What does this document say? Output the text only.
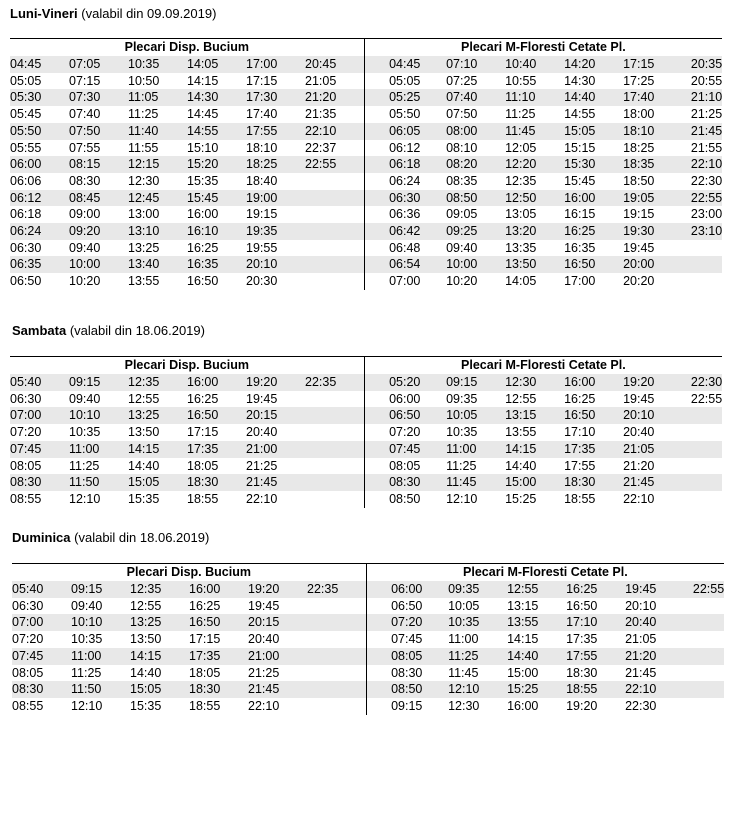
Luni-Vineri (valabil din 09.09.2019)
Plecari Disp. Bucium						Plecari M-Floresti Cetate Pl.						
04:45	07:05	10:35	14:05	17:00	20:45		04:45	07:10	10:40	14:20	17:15	20:35
05:05	07:15	10:50	14:15	17:15	21:05		05:05	07:25	10:55	14:30	17:25	20:55
05:30	07:30	11:05	14:30	17:30	21:20		05:25	07:40	11:10	14:40	17:40	21:10
05:45	07:40	11:25	14:45	17:40	21:35		05:50	07:50	11:25	14:55	18:00	21:25
05:50	07:50	11:40	14:55	17:55	22:10		06:05	08:00	11:45	15:05	18:10	21:45
05:55	07:55	11:55	15:10	18:10	22:37		06:12	08:10	12:05	15:15	18:25	21:55
06:00	08:15	12:15	15:20	18:25	22:55		06:18	08:20	12:20	15:30	18:35	22:10
06:06	08:30	12:30	15:35	18:40			06:24	08:35	12:35	15:45	18:50	22:30
06:12	08:45	12:45	15:45	19:00			06:30	08:50	12:50	16:00	19:05	22:55
06:18	09:00	13:00	16:00	19:15			06:36	09:05	13:05	16:15	19:15	23:00
06:24	09:20	13:10	16:10	19:35			06:42	09:25	13:20	16:25	19:30	23:10
06:30	09:40	13:25	16:25	19:55			06:48	09:40	13:35	16:35	19:45	
06:35	10:00	13:40	16:35	20:10			06:54	10:00	13:50	16:50	20:00	
06:50	10:20	13:55	16:50	20:30			07:00	10:20	14:05	17:00	20:20	
Sambata (valabil din 18.06.2019)
Plecari Disp. Bucium						Plecari M-Floresti Cetate Pl.						
05:40	09:15	12:35	16:00	19:20	22:35		05:20	09:15	12:30	16:00	19:20	22:30
06:30	09:40	12:55	16:25	19:45			06:00	09:35	12:55	16:25	19:45	22:55
07:00	10:10	13:25	16:50	20:15			06:50	10:05	13:15	16:50	20:10	
07:20	10:35	13:50	17:15	20:40			07:20	10:35	13:55	17:10	20:40	
07:45	11:00	14:15	17:35	21:00			07:45	11:00	14:15	17:35	21:05	
08:05	11:25	14:40	18:05	21:25			08:05	11:25	14:40	17:55	21:20	
08:30	11:50	15:05	18:30	21:45			08:30	11:45	15:00	18:30	21:45	
08:55	12:10	15:35	18:55	22:10			08:50	12:10	15:25	18:55	22:10	
Duminica (valabil din 18.06.2019)
Plecari Disp. Bucium						Plecari M-Floresti Cetate Pl.						
05:40	09:15	12:35	16:00	19:20	22:35		06:00	09:35	12:55	16:25	19:45	22:55
06:30	09:40	12:55	16:25	19:45			06:50	10:05	13:15	16:50	20:10	
07:00	10:10	13:25	16:50	20:15			07:20	10:35	13:55	17:10	20:40	
07:20	10:35	13:50	17:15	20:40			07:45	11:00	14:15	17:35	21:05	
07:45	11:00	14:15	17:35	21:00			08:05	11:25	14:40	17:55	21:20	
08:05	11:25	14:40	18:05	21:25			08:30	11:45	15:00	18:30	21:45	
08:30	11:50	15:05	18:30	21:45			08:50	12:10	15:25	18:55	22:10	
08:55	12:10	15:35	18:55	22:10			09:15	12:30	16:00	19:20	22:30	
